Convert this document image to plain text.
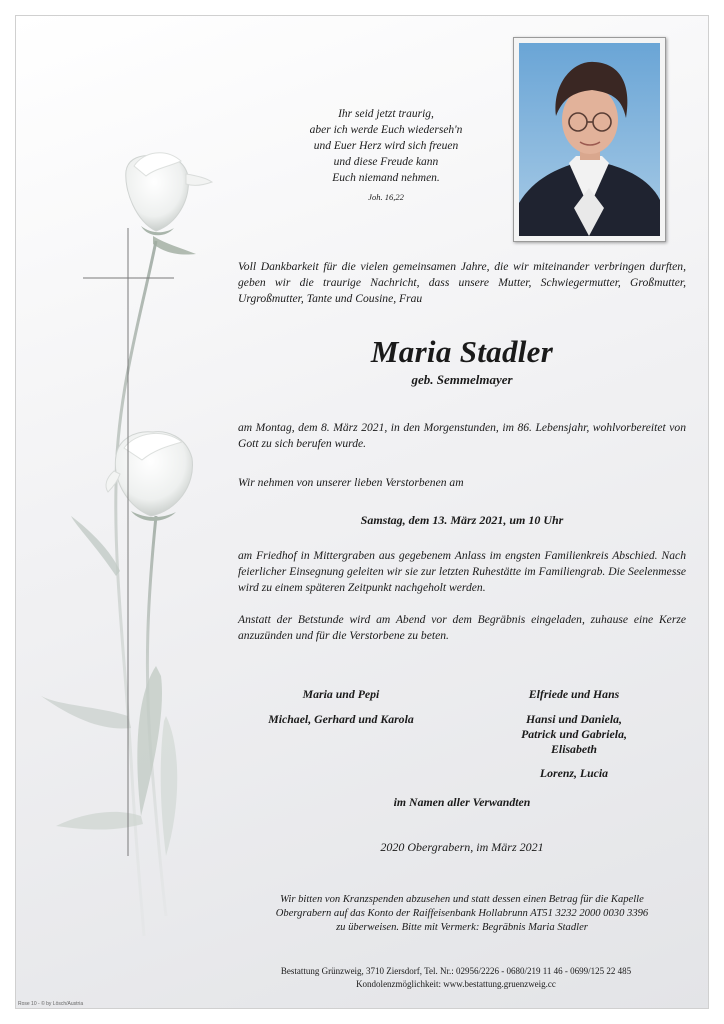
Ihr seid jetzt traurig,
aber ich werde Euch wiederseh'n
und Euer Herz wird sich freuen
und diese Freude kann
Euch niemand nehmen.
Joh. 16,22
Voll Dankbarkeit für die vielen gemeinsamen Jahre, die wir miteinander verbringen durften, geben wir die traurige Nachricht, dass unsere Mutter, Schwiegermutter, Großmutter, Urgroßmutter, Tante und Cousine, Frau
Maria Stadler
geb. Semmelmayer
am Montag, dem 8. März 2021, in den Morgenstunden, im 86. Lebensjahr, wohlvorbereitet von Gott zu sich berufen wurde.
Wir nehmen von unserer lieben Verstorbenen am
Samstag, dem 13. März 2021, um 10 Uhr
am Friedhof in Mittergraben aus gegebenem Anlass im engsten Familienkreis Abschied. Nach feierlicher Einsegnung geleiten wir sie zur letzten Ruhestätte im Familiengrab. Die Seelenmesse wird zu einem späteren Zeitpunkt nachgeholt werden.
Anstatt der Betstunde wird am Abend vor dem Begräbnis eingeladen, zuhause eine Kerze anzuzünden und für die Verstorbene zu beten.
Maria und Pepi
Michael, Gerhard und Karola
Elfriede und Hans
Hansi und Daniela,
Patrick und Gabriela,
Elisabeth
Lorenz, Lucia
im Namen aller Verwandten
2020 Obergrabern, im März 2021
Wir bitten von Kranzspenden abzusehen und statt dessen einen Betrag für die Kapelle
Obergrabern auf das Konto der Raiffeisenbank Hollabrunn AT51 3232 2000 0030 3396
zu überweisen. Bitte mit Vermerk: Begräbnis Maria Stadler
Bestattung Grünzweig, 3710 Ziersdorf, Tel. Nr.: 02956/2226 - 0680/219 11 46 - 0699/125 22 485
Kondolenzmöglichkeit: www.bestattung.gruenzweig.cc
Rose 10 - © by Lösch/Austria
